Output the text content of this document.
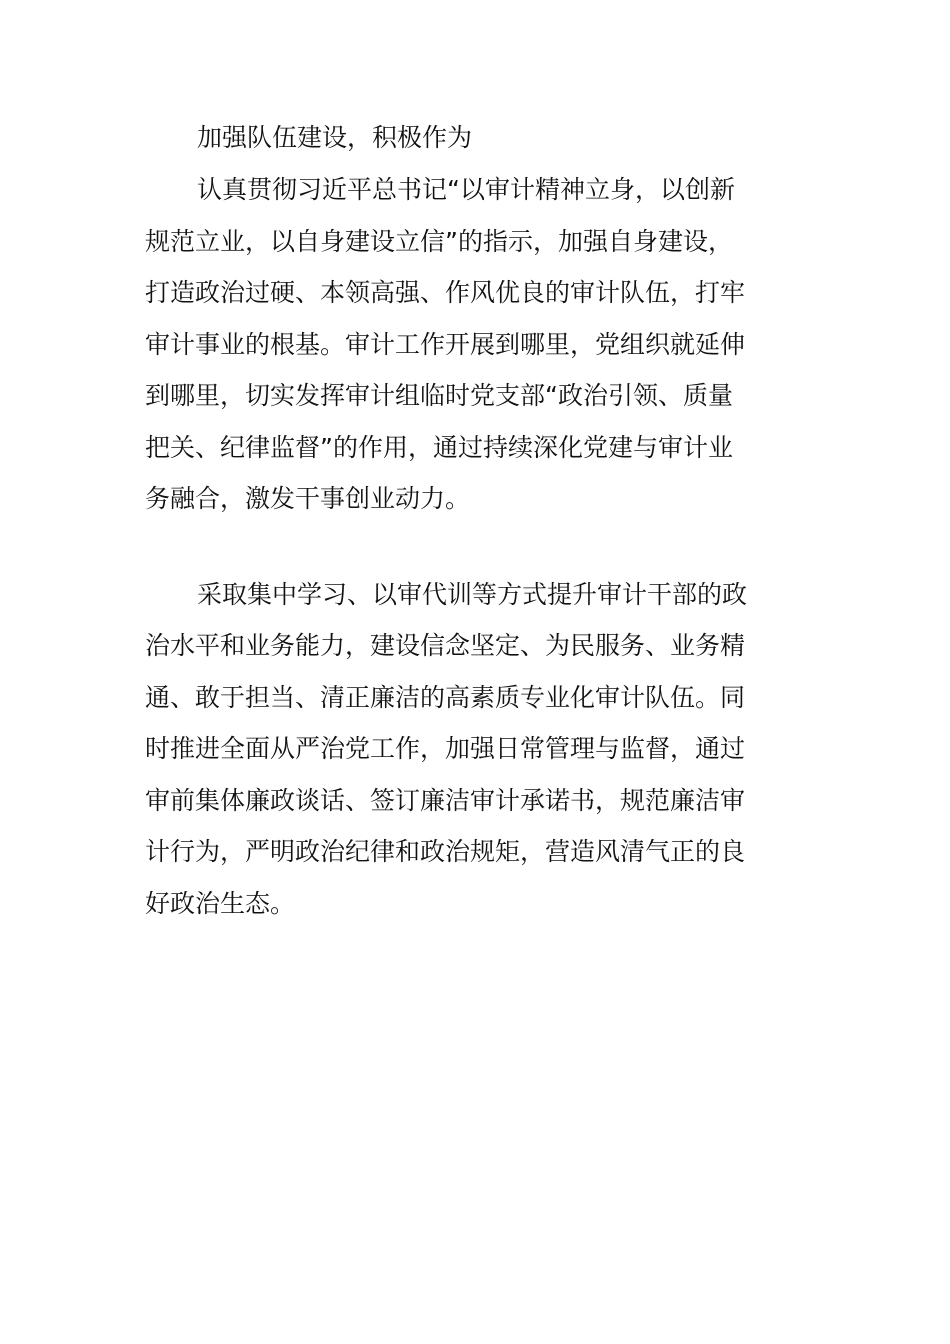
加强队伍建设，积极作为

认真贯彻习近平总书记“以审计精神立身，以创新
规范立业，以自身建设立信”的指示，加强自身建设，
打造政治过硬、本领高强、作风优良的审计队伍，打牢
审计事业的根基。审计工作开展到哪里，党组织就延伸
到哪里，切实发挥审计组临时党支部“政治引领、质量
把关、纪律监督”的作用，通过持续深化党建与审计业
务融合，激发干事创业动力。

采取集中学习、以审代训等方式提升审计干部的政
治水平和业务能力，建设信念坚定、为民服务、业务精
通、敢于担当、清正廉洁的高素质专业化审计队伍。同
时推进全面从严治党工作，加强日常管理与监督，通过
审前集体廉政谈话、签订廉洁审计承诺书，规范廉洁审
计行为，严明政治纪律和政治规矩，营造风清气正的良
好政治生态。
